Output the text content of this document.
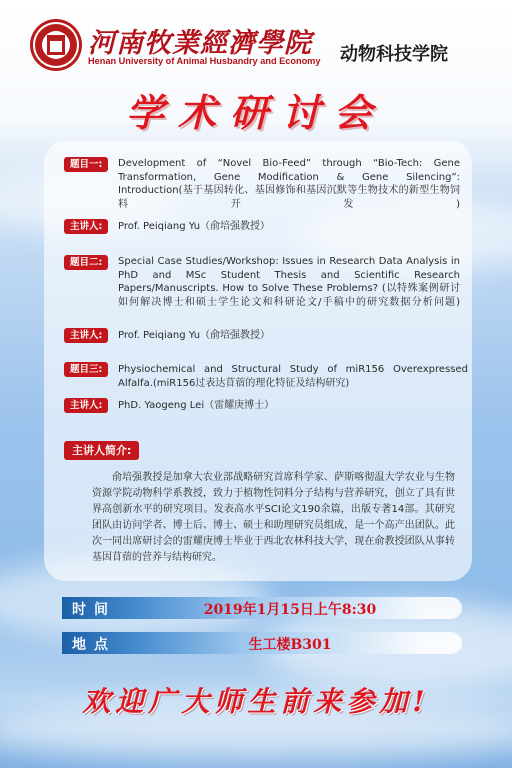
河南牧業經濟學院
Henan University of Animal Husbandry and Economy 动物科技学院
学术研讨会
题目一:	Development of “Novel Bio-Feed” through “Bio-Tech: Gene Transformation, Gene Modification & Gene Silencing”: Introduction(基于基因转化、基因修饰和基因沉默等生物技术的新型生物饲料开发)
主讲人:	Prof. Peiqiang Yu（俞培强教授）
题目二:	Special Case Studies/Workshop: Issues in Research Data Analysis in PhD and MSc Student Thesis and Scientific Research Papers/Manuscripts. How to Solve These Problems? (以特殊案例研讨如何解决博士和硕士学生论文和科研论文/手稿中的研究数据分析问题)
主讲人:	Prof. Peiqiang Yu（俞培强教授）
题目三:	Physiochemical and Structural Study of miR156 Overexpressed Alfalfa.(miR156过表达苜蓿的理化特征及结构研究)
主讲人:	PhD. Yaogeng Lei（雷耀庚博士）
主讲人简介:
俞培强教授是加拿大农业部战略研究首席科学家、萨斯喀彻温大学农业与生物资源学院动物科学系教授，致力于植物性饲料分子结构与营养研究，创立了具有世界高创新水平的研究项目。发表高水平SCI论文190余篇，出版专著14部。其研究团队由访问学者、博士后、博士、硕士和助理研究员组成，是一个高产出团队。此次一同出席研讨会的雷耀庚博士毕业于西北农林科技大学，现在俞教授团队从事转基因苜蓿的营养与结构研究。
时间	2019年1月15日上午8:30
地点	生工楼B301
欢迎广大师生前来参加!
